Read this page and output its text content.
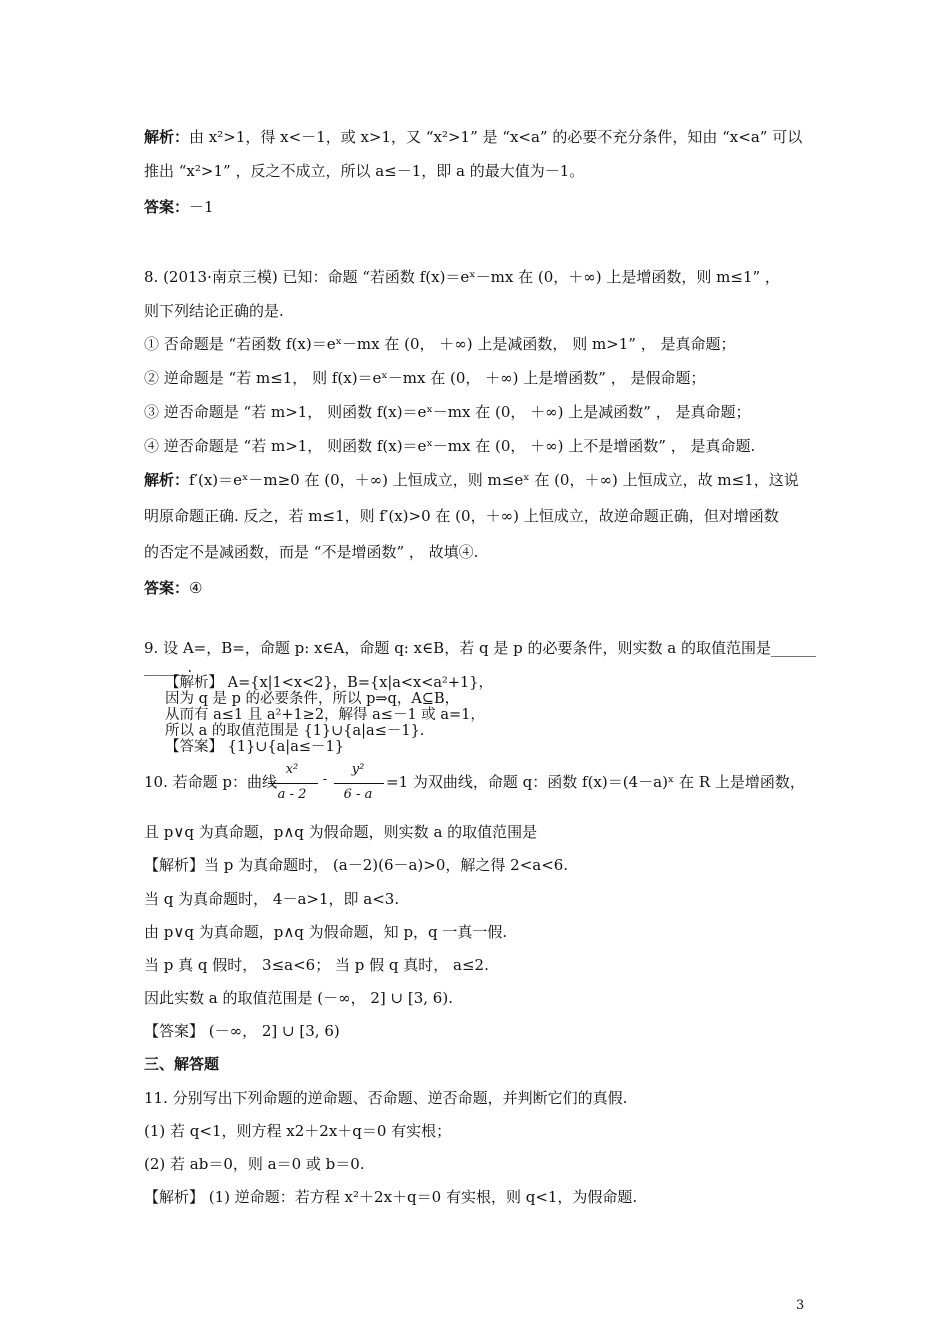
解析：由 x²>1，得 x<－1，或 x>1，又 “x²>1” 是 “x<a” 的必要不充分条件，知由 “x<a” 可以
推出 “x²>1” ，反之不成立，所以 a≤－1，即 a 的最大值为－1。
答案：－1
8. (2013·南京三模) 已知：命题 “若函数 f(x)＝eˣ－mx 在 (0，＋∞) 上是增函数，则 m≤1” ，
则下列结论正确的是.
① 否命题是 “若函数 f(x)＝eˣ－mx 在 (0， ＋∞) 上是减函数， 则 m>1” ， 是真命题；
② 逆命题是 “若 m≤1， 则 f(x)＝eˣ－mx 在 (0， ＋∞) 上是增函数” ， 是假命题；
③ 逆否命题是 “若 m>1， 则函数 f(x)＝eˣ－mx 在 (0， ＋∞) 上是减函数” ， 是真命题；
④ 逆否命题是 “若 m>1， 则函数 f(x)＝eˣ－mx 在 (0， ＋∞) 上不是增函数” ， 是真命题.
解析：f′(x)＝eˣ－m≥0 在 (0，＋∞) 上恒成立，则 m≤eˣ 在 (0，＋∞) 上恒成立，故 m≤1，这说
明原命题正确. 反之，若 m≤1，则 f′(x)>0 在 (0，＋∞) 上恒成立，故逆命题正确，但对增函数
的否定不是减函数，而是 “不是增函数” ， 故填④.
答案：④
9. 设 A=，B=，命题 p: x∈A，命题 q: x∈B，若 q 是 p 的必要条件，则实数 a 的取值范围是______
______.
【解析】 A={x|1<x<2}，B={x|a<x<a²+1}，
因为 q 是 p 的必要条件，所以 p⇒q，A⊆B，
从而有 a≤1 且 a²+1≥2，解得 a≤－1 或 a=1，
所以 a 的取值范围是 {1}∪{a|a≤－1}.
【答案】 {1}∪{a|a≤－1}
10. 若命题 p：曲线
x²
a - 2
-
y²
6 - a
=1 为双曲线，命题 q：函数 f(x)＝(4－a)ˣ 在 R 上是增函数，
且 p∨q 为真命题，p∧q 为假命题，则实数 a 的取值范围是
【解析】当 p 为真命题时， (a－2)(6－a)>0，解之得 2<a<6.
当 q 为真命题时， 4－a>1，即 a<3.
由 p∨q 为真命题，p∧q 为假命题，知 p，q 一真一假.
当 p 真 q 假时， 3≤a<6； 当 p 假 q 真时， a≤2.
因此实数 a 的取值范围是 (－∞， 2] ∪ [3, 6).
【答案】 (－∞， 2] ∪ [3, 6)
三、解答题
11. 分别写出下列命题的逆命题、否命题、逆否命题，并判断它们的真假.
(1) 若 q<1，则方程 x2＋2x＋q＝0 有实根；
(2) 若 ab＝0，则 a＝0 或 b＝0.
【解析】 (1) 逆命题：若方程 x²＋2x＋q＝0 有实根，则 q<1，为假命题.
3
